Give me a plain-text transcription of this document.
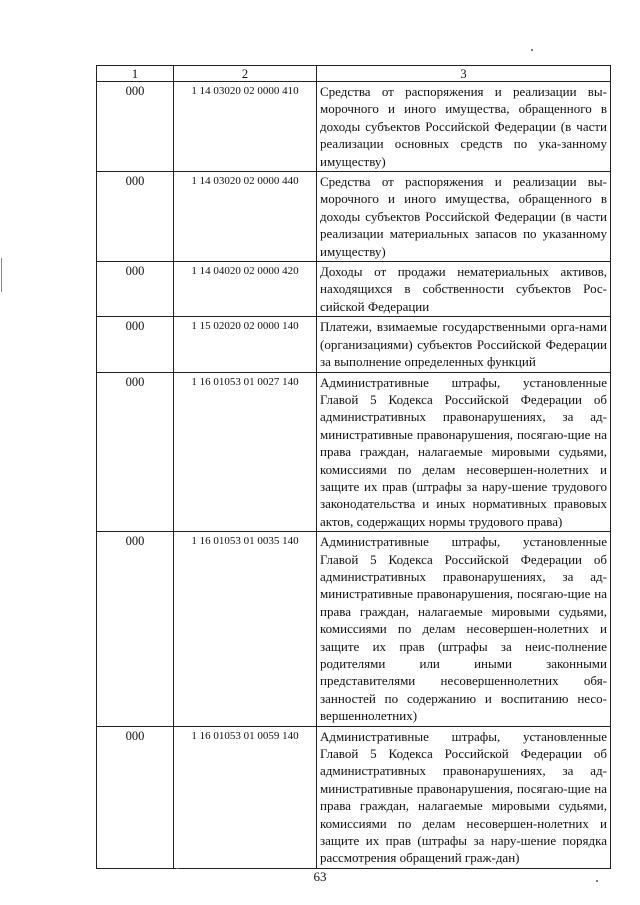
1	2	3
000	1 14 03020 02 0000 410	Средства от распоряжения и реализации вы-морочного и иного имущества, обращенного в доходы субъектов Российской Федерации (в части реализации основных средств по ука-занному имуществу)
000	1 14 03020 02 0000 440	Средства от распоряжения и реализации вы-морочного и иного имущества, обращенного в доходы субъектов Российской Федерации (в части реализации материальных запасов по указанному имуществу)
000	1 14 04020 02 0000 420	Доходы от продажи нематериальных активов, находящихся в собственности субъектов Рос-сийской Федерации
000	1 15 02020 02 0000 140	Платежи, взимаемые государственными орга-нами (организациями) субъектов Российской Федерации за выполнение определенных функций
000	1 16 01053 01 0027 140	Административные штрафы, установленные Главой 5 Кодекса Российской Федерации об административных правонарушениях, за ад-министративные правонарушения, посягаю-щие на права граждан, налагаемые мировыми судьями, комиссиями по делам несовершен-нолетних и защите их прав (штрафы за нару-шение трудового законодательства и иных нормативных правовых актов, содержащих нормы трудового права)
000	1 16 01053 01 0035 140	Административные штрафы, установленные Главой 5 Кодекса Российской Федерации об административных правонарушениях, за ад-министративные правонарушения, посягаю-щие на права граждан, налагаемые мировыми судьями, комиссиями по делам несовершен-нолетних и защите их прав (штрафы за неис-полнение родителями или иными законными представителями несовершеннолетних обя-занностей по содержанию и воспитанию несо-вершеннолетних)
000	1 16 01053 01 0059 140	Административные штрафы, установленные Главой 5 Кодекса Российской Федерации об административных правонарушениях, за ад-министративные правонарушения, посягаю-щие на права граждан, налагаемые мировыми судьями, комиссиями по делам несовершен-нолетних и защите их прав (штрафы за нару-шение порядка рассмотрения обращений граж-дан)
63
